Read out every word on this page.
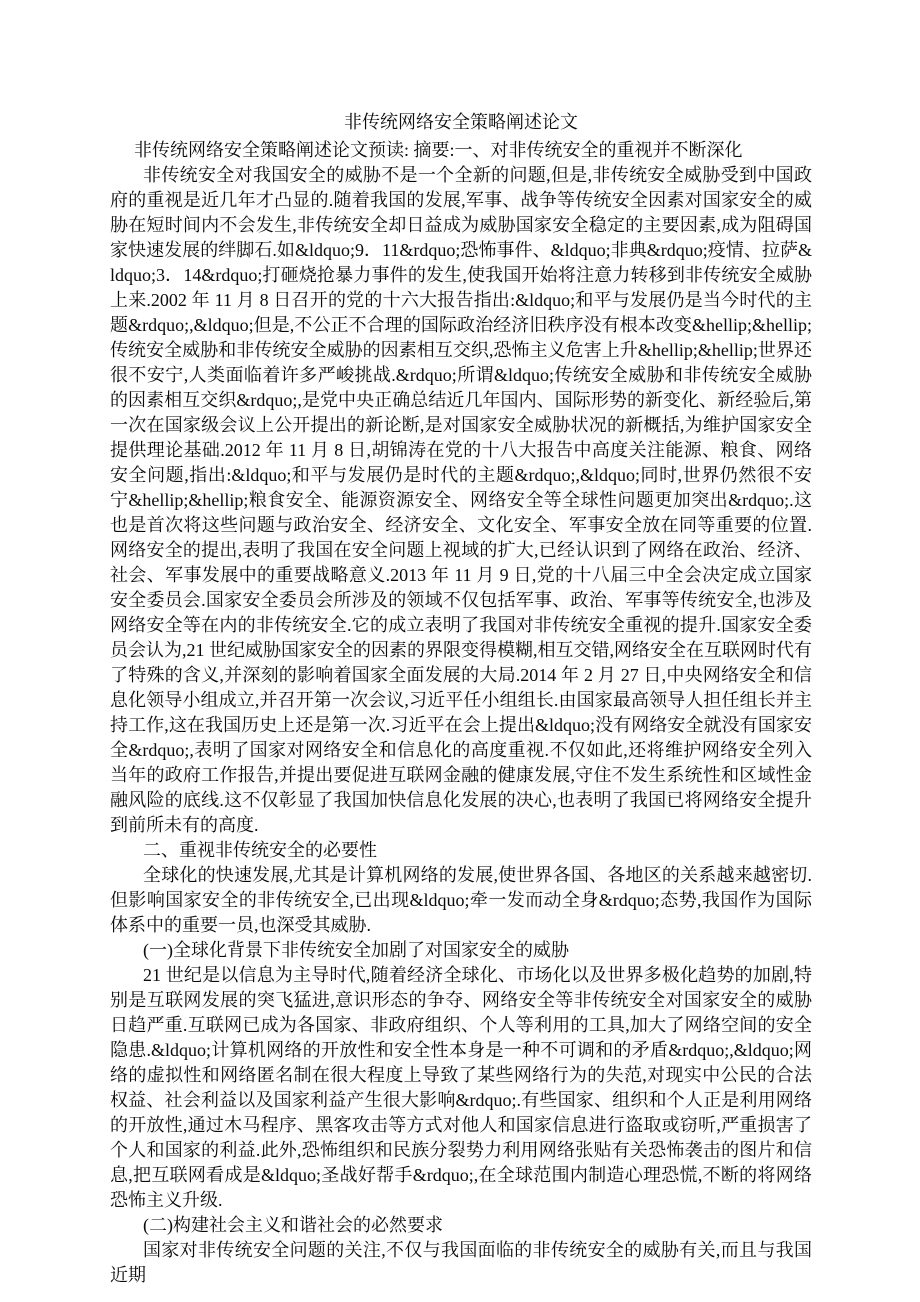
非传统网络安全策略阐述论文

非传统网络安全策略阐述论文预读: 摘要:一、对非传统安全的重视并不断深化

非传统安全对我国安全的威胁不是一个全新的问题,但是,非传统安全威胁受到中国政府的重视是近几年才凸显的.随着我国的发展,军事、战争等传统安全因素对国家安全的威胁在短时间内不会发生,非传统安全却日益成为威胁国家安全稳定的主要因素,成为阻碍国家快速发展的绊脚石.如&ldquo;9．11&rdquo;恐怖事件、&ldquo;非典&rdquo;疫情、拉萨&ldquo;3．14&rdquo;打砸烧抢暴力事件的发生,使我国开始将注意力转移到非传统安全威胁上来.2002 年 11 月 8 日召开的党的十六大报告指出:&ldquo;和平与发展仍是当今时代的主题&rdquo;,&ldquo;但是,不公正不合理的国际政治经济旧秩序没有根本改变&hellip;&hellip;传统安全威胁和非传统安全威胁的因素相互交织,恐怖主义危害上升&hellip;&hellip;世界还很不安宁,人类面临着许多严峻挑战.&rdquo;所谓&ldquo;传统安全威胁和非传统安全威胁的因素相互交织&rdquo;,是党中央正确总结近几年国内、国际形势的新变化、新经验后,第一次在国家级会议上公开提出的新论断,是对国家安全威胁状况的新概括,为维护国家安全提供理论基础.2012 年 11 月 8 日,胡锦涛在党的十八大报告中高度关注能源、粮食、网络安全问题,指出:&ldquo;和平与发展仍是时代的主题&rdquo;,&ldquo;同时,世界仍然很不安宁&hellip;&hellip;粮食安全、能源资源安全、网络安全等全球性问题更加突出&rdquo;.这也是首次将这些问题与政治安全、经济安全、文化安全、军事安全放在同等重要的位置.网络安全的提出,表明了我国在安全问题上视域的扩大,已经认识到了网络在政治、经济、社会、军事发展中的重要战略意义.2013 年 11 月 9 日,党的十八届三中全会决定成立国家安全委员会.国家安全委员会所涉及的领域不仅包括军事、政治、军事等传统安全,也涉及网络安全等在内的非传统安全.它的成立表明了我国对非传统安全重视的提升.国家安全委员会认为,21 世纪威胁国家安全的因素的界限变得模糊,相互交错,网络安全在互联网时代有了特殊的含义,并深刻的影响着国家全面发展的大局.2014 年 2 月 27 日,中央网络安全和信息化领导小组成立,并召开第一次会议,习近平任小组组长.由国家最高领导人担任组长并主持工作,这在我国历史上还是第一次.习近平在会上提出&ldquo;没有网络安全就没有国家安全&rdquo;,表明了国家对网络安全和信息化的高度重视.不仅如此,还将维护网络安全列入当年的政府工作报告,并提出要促进互联网金融的健康发展,守住不发生系统性和区域性金融风险的底线.这不仅彰显了我国加快信息化发展的决心,也表明了我国已将网络安全提升到前所未有的高度.

二、重视非传统安全的必要性

全球化的快速发展,尤其是计算机网络的发展,使世界各国、各地区的关系越来越密切.但影响国家安全的非传统安全,已出现&ldquo;牵一发而动全身&rdquo;态势,我国作为国际体系中的重要一员,也深受其威胁.

(一)全球化背景下非传统安全加剧了对国家安全的威胁

21 世纪是以信息为主导时代,随着经济全球化、市场化以及世界多极化趋势的加剧,特别是互联网发展的突飞猛进,意识形态的争夺、网络安全等非传统安全对国家安全的威胁日趋严重.互联网已成为各国家、非政府组织、个人等利用的工具,加大了网络空间的安全隐患.&ldquo;计算机网络的开放性和安全性本身是一种不可调和的矛盾&rdquo;,&ldquo;网络的虚拟性和网络匿名制在很大程度上导致了某些网络行为的失范,对现实中公民的合法权益、社会利益以及国家利益产生很大影响&rdquo;.有些国家、组织和个人正是利用网络的开放性,通过木马程序、黑客攻击等方式对他人和国家信息进行盗取或窃听,严重损害了个人和国家的利益.此外,恐怖组织和民族分裂势力利用网络张贴有关恐怖袭击的图片和信息,把互联网看成是&ldquo;圣战好帮手&rdquo;,在全球范围内制造心理恐慌,不断的将网络恐怖主义升级.

(二)构建社会主义和谐社会的必然要求

国家对非传统安全问题的关注,不仅与我国面临的非传统安全的威胁有关,而且与我国近期
